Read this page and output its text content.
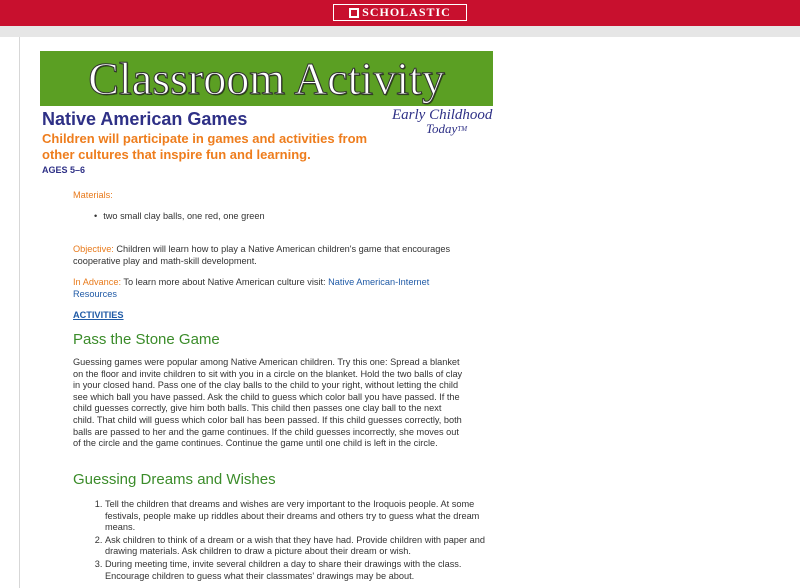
SCHOLASTIC
Classroom Activity
Early Childhood
Today™
Native American Games
Children will participate in games and activities from other cultures that inspire fun and learning.
AGES 5–6
Materials:
• two small clay balls, one red, one green
Objective: Children will learn how to play a Native American children's game that encourages cooperative play and math-skill development.
In Advance: To learn more about Native American culture visit: Native American-Internet Resources
ACTIVITIES
Pass the Stone Game
Guessing games were popular among Native American children. Try this one: Spread a blanket on the floor and invite children to sit with you in a circle on the blanket. Hold the two balls of clay in your closed hand. Pass one of the clay balls to the child to your right, without letting the child see which ball you have passed. Ask the child to guess which color ball you have passed. If the child guesses correctly, give him both balls. This child then passes one clay ball to the next child. That child will guess which color ball has been passed. If this child guesses correctly, both balls are passed to her and the game continues. If the child guesses incorrectly, she moves out of the circle and the game continues. Continue the game until one child is left in the circle.
Guessing Dreams and Wishes
1. Tell the children that dreams and wishes are very important to the Iroquois people. At some festivals, people make up riddles about their dreams and others try to guess what the dream means.
2. Ask children to think of a dream or a wish that they have had. Provide children with paper and drawing materials. Ask children to draw a picture about their dream or wish.
3. During meeting time, invite several children a day to share their drawings with the class. Encourage children to guess what their classmates' drawings may be about.
